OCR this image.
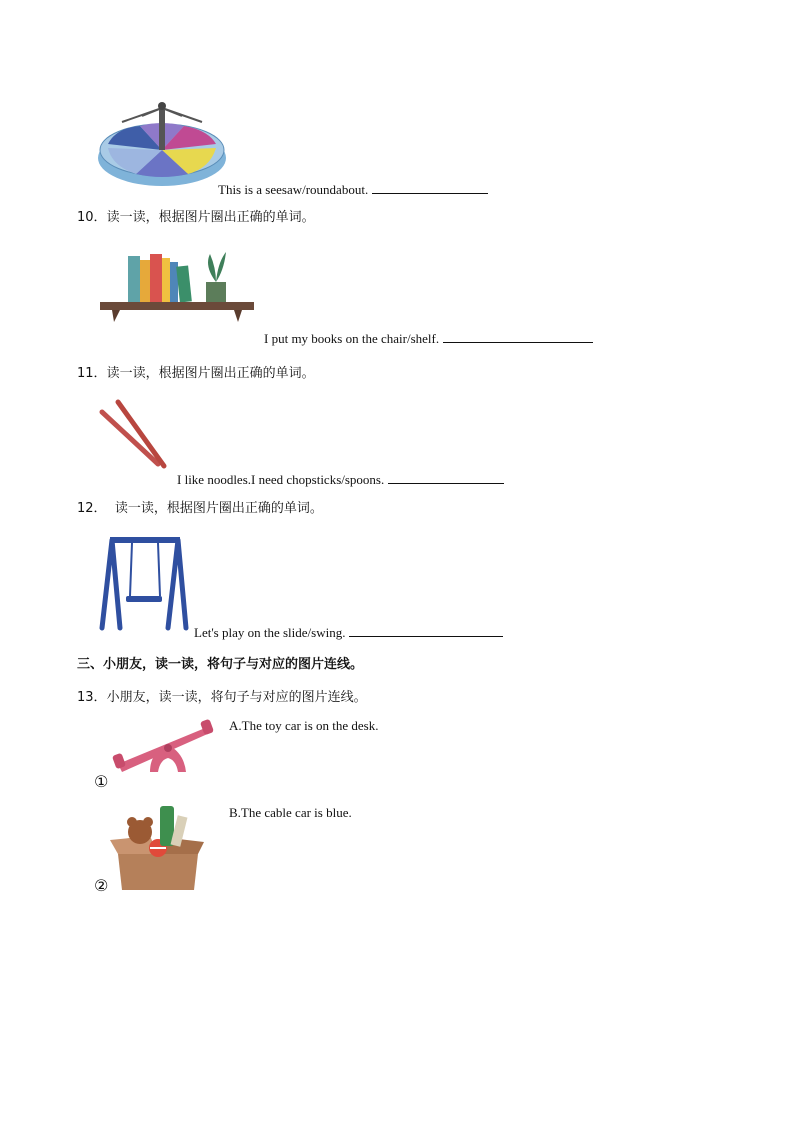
This is a seesaw/roundabout.
10．读一读，根据图片圈出正确的单词。
I put my books on the chair/shelf.
11．读一读，根据图片圈出正确的单词。
I like noodles.I need chopsticks/spoons.
12．  读一读，根据图片圈出正确的单词。
Let's play on the slide/swing.
三、小朋友，读一读，将句子与对应的图片连线。
13．小朋友，读一读，将句子与对应的图片连线。
①
②
A.The toy car is on the desk.
B.The cable car is blue.
